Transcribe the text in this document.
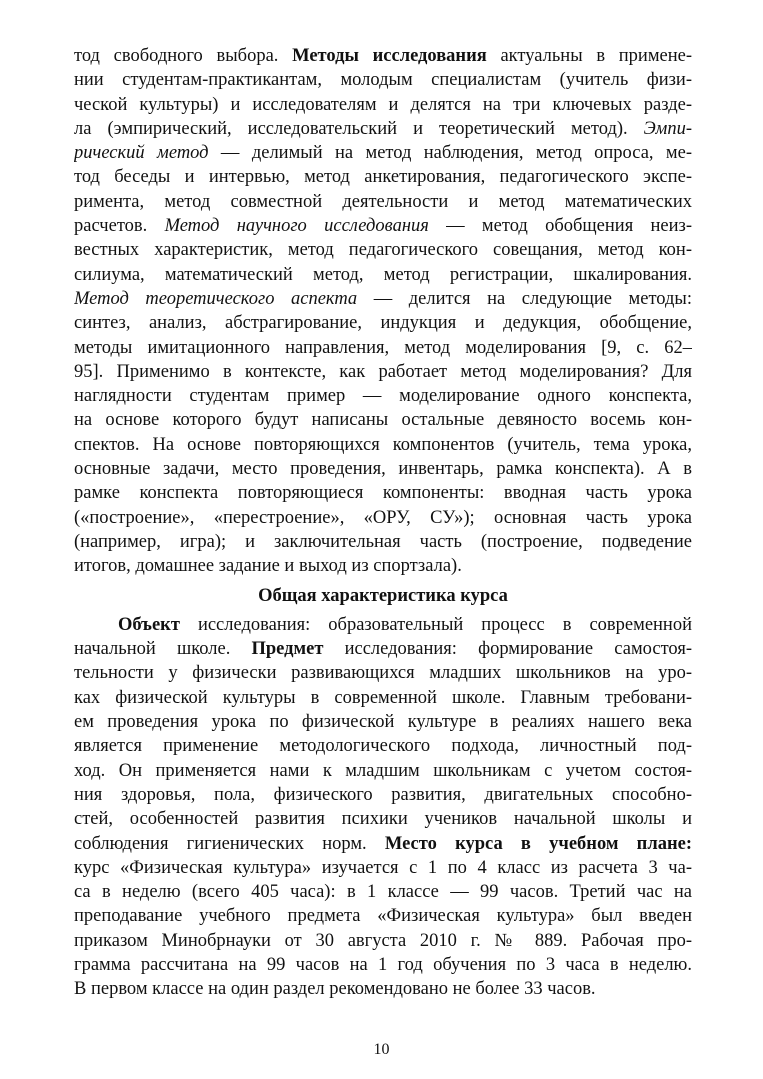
тод свободного выбора. Методы исследования актуальны в примене-
нии студентам-практикантам, молодым специалистам (учитель физи-
ческой культуры) и исследователям и делятся на три ключевых разде-
ла (эмпирический, исследовательский и теоретический метод). Эмпи-
рический метод — делимый на метод наблюдения, метод опроса, ме-
тод беседы и интервью, метод анкетирования, педагогического экспе-
римента, метод совместной деятельности и метод математических
расчетов. Метод научного исследования — метод обобщения неиз-
вестных характеристик, метод педагогического совещания, метод кон-
силиума, математический метод, метод регистрации, шкалирования.
Метод теоретического аспекта — делится на следующие методы:
синтез, анализ, абстрагирование, индукция и дедукция, обобщение,
методы имитационного направления, метод моделирования [9, с. 62–
95]. Применимо в контексте, как работает метод моделирования? Для
наглядности студентам пример — моделирование одного конспекта,
на основе которого будут написаны остальные девяносто восемь кон-
спектов. На основе повторяющихся компонентов (учитель, тема урока,
основные задачи, место проведения, инвентарь, рамка конспекта). А в
рамке конспекта повторяющиеся компоненты: вводная часть урока
(«построение», «перестроение», «ОРУ, СУ»); основная часть урока
(например, игра); и заключительная часть (построение, подведение
итогов, домашнее задание и выход из спортзала).
Общая характеристика курса
Объект исследования: образовательный процесс в современной
начальной школе. Предмет исследования: формирование самостоя-
тельности у физически развивающихся младших школьников на уро-
ках физической культуры в современной школе. Главным требовани-
ем проведения урока по физической культуре в реалиях нашего века
является применение методологического подхода, личностный под-
ход. Он применяется нами к младшим школьникам с учетом состоя-
ния здоровья, пола, физического развития, двигательных способно-
стей, особенностей развития психики учеников начальной школы и
соблюдения гигиенических норм. Место курса в учебном плане:
курс «Физическая культура» изучается с 1 по 4 класс из расчета 3 ча-
са в неделю (всего 405 часа): в 1 классе — 99 часов. Третий час на
преподавание учебного предмета «Физическая культура» был введен
приказом Минобрнауки от 30 августа 2010 г. № 889. Рабочая про-
грамма рассчитана на 99 часов на 1 год обучения по 3 часа в неделю.
В первом классе на один раздел рекомендовано не более 33 часов.
10
